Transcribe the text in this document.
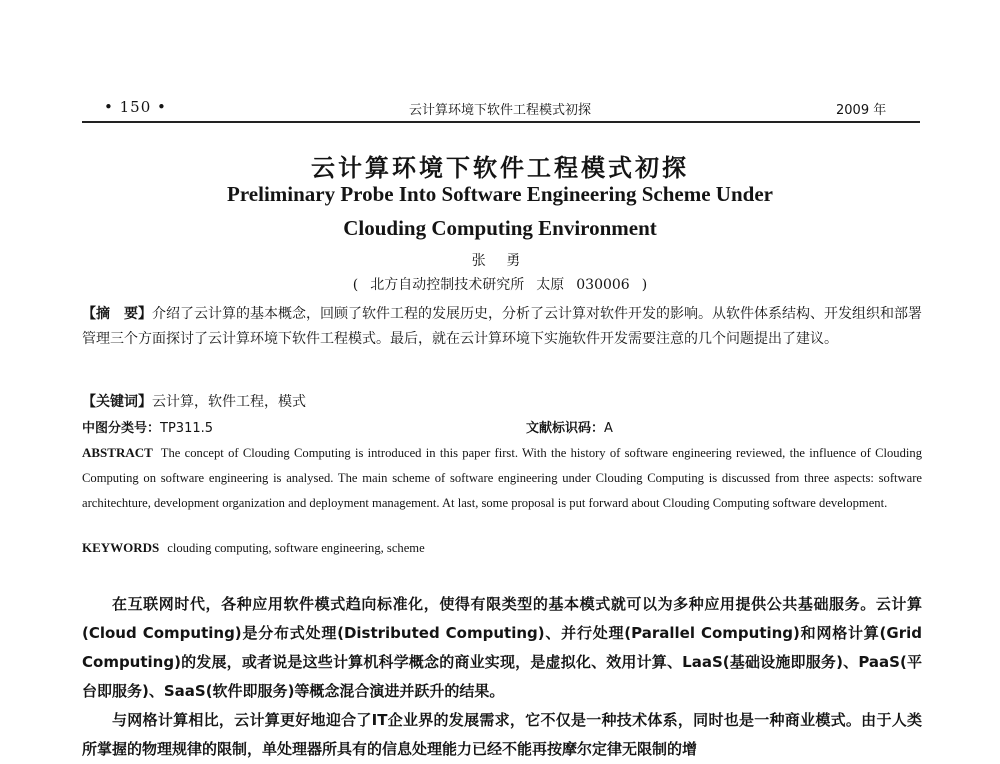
• 150 •	云计算环境下软件工程模式初探	2009 年
云计算环境下软件工程模式初探
Preliminary Probe Into Software Engineering Scheme Under
Clouding Computing Environment
张 勇
( 北方自动控制技术研究所 太原 030006 )
【摘　要】介绍了云计算的基本概念，回顾了软件工程的发展历史，分析了云计算对软件开发的影响。从软件体系结构、开发组织和部署管理三个方面探讨了云计算环境下软件工程模式。最后，就在云计算环境下实施软件开发需要注意的几个问题提出了建议。
【关键词】云计算，软件工程，模式
中图分类号：TP311.5	文献标识码：A
ABSTRACT The concept of Clouding Computing is introduced in this paper first. With the history of software engineering reviewed, the influence of Clouding Computing on software engineering is analysed. The main scheme of software engineering under Clouding Computing is discussed from three aspects: software architechture, development organization and deployment management. At last, some proposal is put forward about Clouding Computing software development.
KEYWORDS clouding computing, software engineering, scheme

在互联网时代，各种应用软件模式趋向标准化，使得有限类型的基本模式就可以为多种应用提供公共基础服务。云计算(Cloud Computing)是分布式处理(Distributed Computing)、并行处理(Parallel Computing)和网格计算(Grid Computing)的发展，或者说是这些计算机科学概念的商业实现，是虚拟化、效用计算、LaaS(基础设施即服务)、PaaS(平台即服务)、SaaS(软件即服务)等概念混合演进并跃升的结果。

与网格计算相比，云计算更好地迎合了IT企业界的发展需求，它不仅是一种技术体系，同时也是一种商业模式。由于人类所掌握的物理规律的限制，单处理器所具有的信息处理能力已经不能再按摩尔定律无限制的增
